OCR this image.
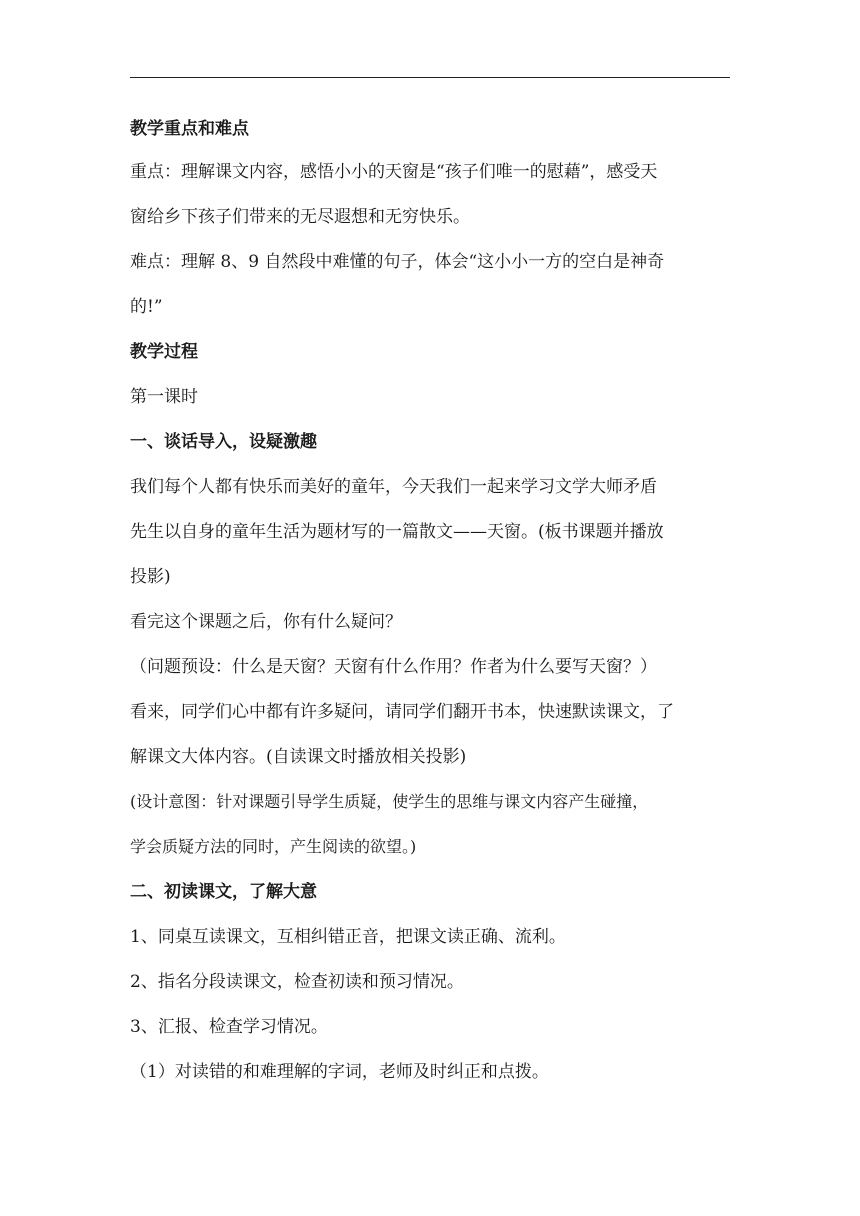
教学重点和难点
重点：理解课文内容，感悟小小的天窗是“孩子们唯一的慰藉”，感受天
窗给乡下孩子们带来的无尽遐想和无穷快乐。
难点：理解 8、9 自然段中难懂的句子，体会“这小小一方的空白是神奇
的!”
教学过程
第一课时
一、谈话导入，设疑激趣
我们每个人都有快乐而美好的童年，今天我们一起来学习文学大师矛盾
先生以自身的童年生活为题材写的一篇散文——天窗。(板书课题并播放
投影)
看完这个课题之后，你有什么疑问？
（问题预设：什么是天窗？天窗有什么作用？作者为什么要写天窗？）
看来，同学们心中都有许多疑问，请同学们翻开书本，快速默读课文，了
解课文大体内容。(自读课文时播放相关投影)
(设计意图：针对课题引导学生质疑，使学生的思维与课文内容产生碰撞，
学会质疑方法的同时，产生阅读的欲望。)
二、初读课文，了解大意
1、同桌互读课文，互相纠错正音，把课文读正确、流利。
2、指名分段读课文，检查初读和预习情况。
3、汇报、检查学习情况。
（1）对读错的和难理解的字词，老师及时纠正和点拨。
